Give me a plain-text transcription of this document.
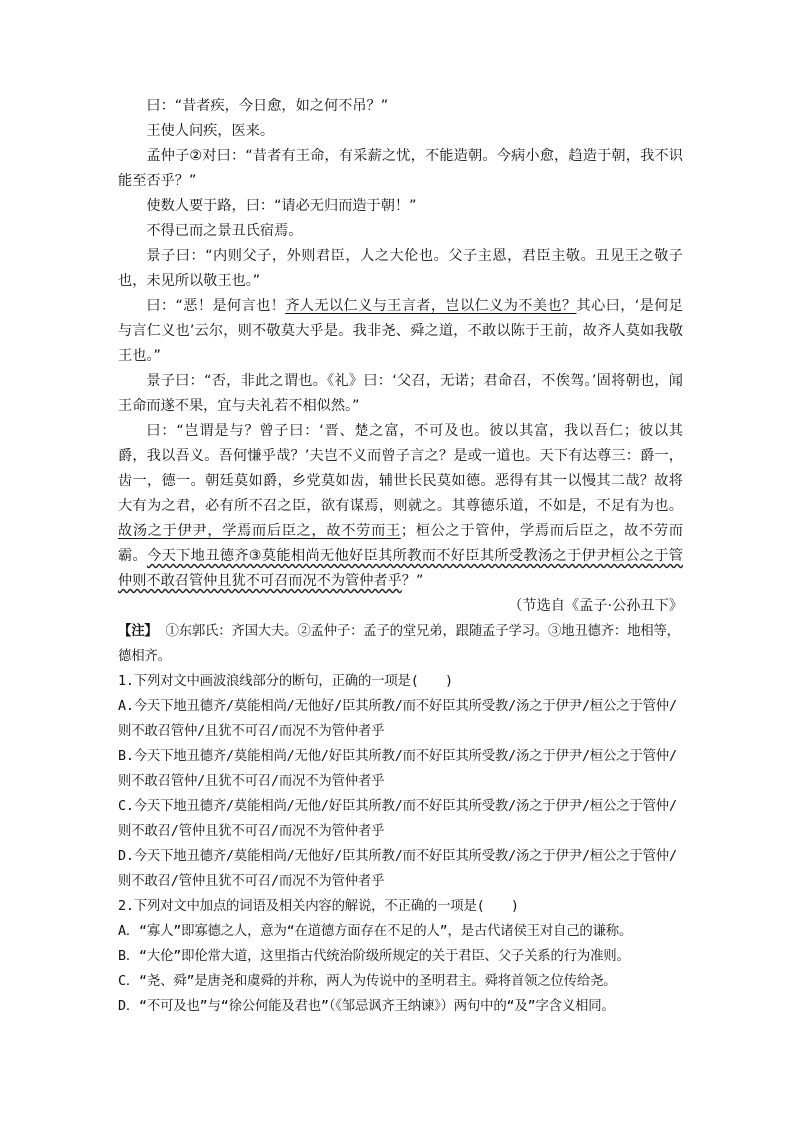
曰：“昔者疾，今日愈，如之何不吊？”

王使人问疾，医来。

孟仲子②对曰：“昔者有王命，有采薪之忧，不能造朝。今病小愈，趋造于朝，我不识能至否乎？”

使数人要于路，曰：“请必无归而造于朝！”

不得已而之景丑氏宿焉。

景子曰：“内则父子，外则君臣，人之大伦也。父子主恩，君臣主敬。丑见王之敬子也，未见所以敬王也。”

曰：“恶！是何言也！齐人无以仁义与王言者，岂以仁义为不美也？其心曰，‘是何足与言仁义也’云尔，则不敬莫大乎是。我非尧、舜之道，不敢以陈于王前，故齐人莫如我敬王也。”

景子曰：“否，非此之谓也。《礼》曰：‘父召，无诺；君命召，不俟驾。’固将朝也，闻王命而遂不果，宜与夫礼若不相似然。”

曰：“岂谓是与？曾子曰：‘晋、楚之富，不可及也。彼以其富，我以吾仁；彼以其爵，我以吾义。吾何慊乎哉？’夫岂不义而曾子言之？是或一道也。天下有达尊三：爵一，齿一，德一。朝廷莫如爵，乡党莫如齿，辅世长民莫如德。恶得有其一以慢其二哉？故将大有为之君，必有所不召之臣，欲有谋焉，则就之。其尊德乐道，不如是，不足有为也。故汤之于伊尹，学焉而后臣之，故不劳而王；桓公之于管仲，学焉而后臣之，故不劳而霸。今天下地丑德齐③莫能相尚无他好臣其所教而不好臣其所受教汤之于伊尹桓公之于管仲则不敢召管仲且犹不可召而况不为管仲者乎？”

（节选自《孟子·公孙丑下》

【注】 ①东郭氏：齐国大夫。②孟仲子：孟子的堂兄弟，跟随孟子学习。③地丑德齐：地相等，德相齐。

1.下列对文中画波浪线部分的断句，正确的一项是(　　)

A.今天下地丑德齐/莫能相尚/无他好/臣其所教/而不好臣其所受教/汤之于伊尹/桓公之于管仲/则不敢召管仲/且犹不可召/而况不为管仲者乎

B.今天下地丑德齐/莫能相尚/无他/好臣其所教/而不好臣其所受教/汤之于伊尹/桓公之于管仲/则不敢召管仲/且犹不可召/而况不为管仲者乎

C.今天下地丑德齐/莫能相尚/无他/好臣其所教/而不好臣其所受教/汤之于伊尹/桓公之于管仲/则不敢召/管仲且犹不可召/而况不为管仲者乎

D.今天下地丑德齐/莫能相尚/无他好/臣其所教/而不好臣其所受教/汤之于伊尹/桓公之于管仲/则不敢召/管仲且犹不可召/而况不为管仲者乎

2.下列对文中加点的词语及相关内容的解说，不正确的一项是(　　)

A．“寡人”即寡德之人，意为“在道德方面存在不足的人”，是古代诸侯王对自己的谦称。

B．“大伦”即伦常大道，这里指古代统治阶级所规定的关于君臣、父子关系的行为准则。

C．“尧、舜”是唐尧和虞舜的并称，两人为传说中的圣明君主。舜将首领之位传给尧。

D．“不可及也”与“徐公何能及君也”（《邹忌讽齐王纳谏》）两句中的“及”字含义相同。
